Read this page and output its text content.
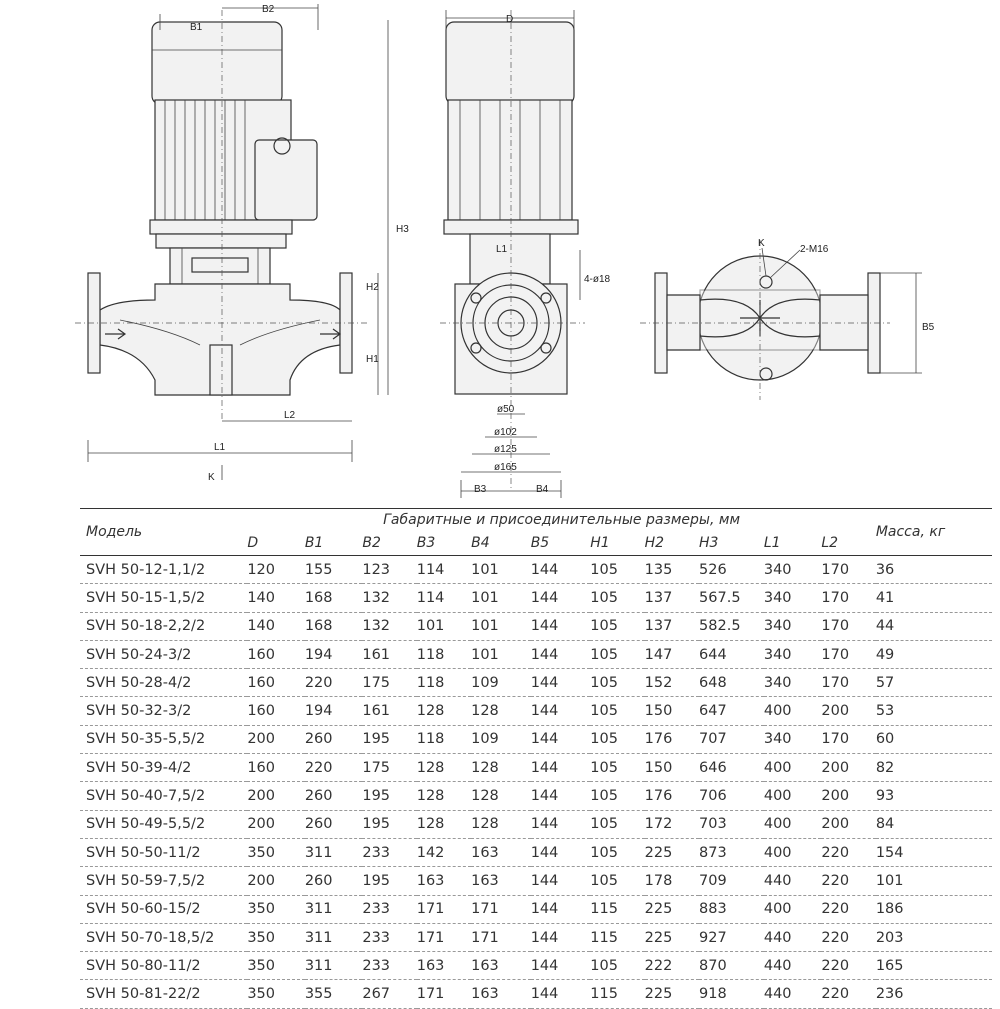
B1
B2
H3
H2
H1
L2
L1
K
D
L1
4-ø18
ø50
ø102
ø125
ø165
B3	B4
K
2-M16
B5
Модель	Габаритные и присоединительные размеры, мм											Масса, кг
	D	B1	B2	B3	B4	B5	H1	H2	H3	L1	L2	
SVH 50-12-1,1/2	120	155	123	114	101	144	105	135	526	340	170	36
SVH 50-15-1,5/2	140	168	132	114	101	144	105	137	567.5	340	170	41
SVH 50-18-2,2/2	140	168	132	101	101	144	105	137	582.5	340	170	44
SVH 50-24-3/2	160	194	161	118	101	144	105	147	644	340	170	49
SVH 50-28-4/2	160	220	175	118	109	144	105	152	648	340	170	57
SVH 50-32-3/2	160	194	161	128	128	144	105	150	647	400	200	53
SVH 50-35-5,5/2	200	260	195	118	109	144	105	176	707	340	170	60
SVH 50-39-4/2	160	220	175	128	128	144	105	150	646	400	200	82
SVH 50-40-7,5/2	200	260	195	128	128	144	105	176	706	400	200	93
SVH 50-49-5,5/2	200	260	195	128	128	144	105	172	703	400	200	84
SVH 50-50-11/2	350	311	233	142	163	144	105	225	873	400	220	154
SVH 50-59-7,5/2	200	260	195	163	163	144	105	178	709	440	220	101
SVH 50-60-15/2	350	311	233	171	171	144	115	225	883	400	220	186
SVH 50-70-18,5/2	350	311	233	171	171	144	115	225	927	440	220	203
SVH 50-80-11/2	350	311	233	163	163	144	105	222	870	440	220	165
SVH 50-81-22/2	350	355	267	171	163	144	115	225	918	440	220	236
